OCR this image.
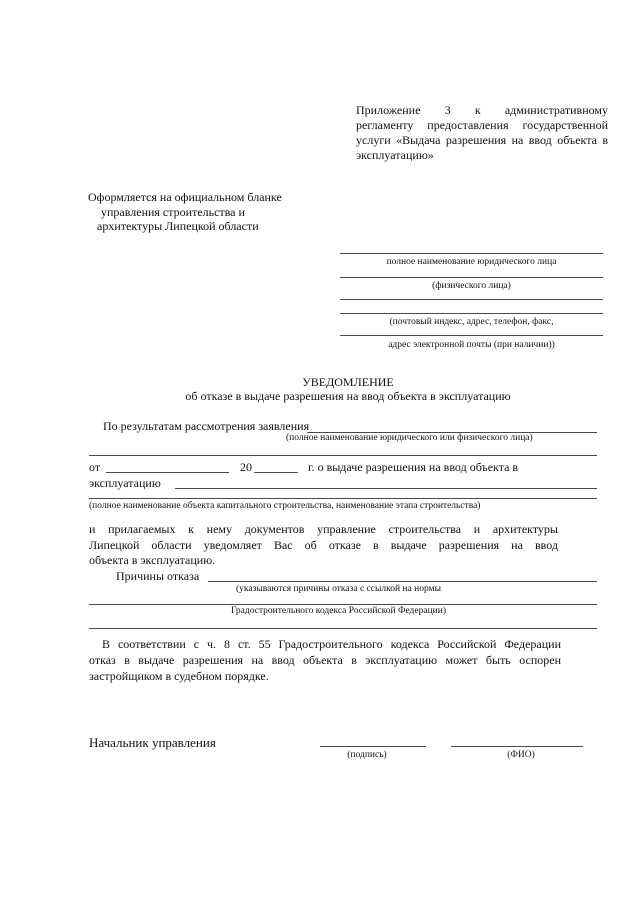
Приложение 3 к административному
регламенту предоставления государственной
услуги «Выдача разрешения на ввод объекта в
эксплуатацию»
Оформляется на официальном бланке
управления строительства и
архитектуры Липецкой области
полное наименование юридического лица
(физического лица)
(почтовый индекс, адрес, телефон, факс,
адрес электронной почты (при наличии))
УВЕДОМЛЕНИЕ
об отказе в выдаче разрешения на ввод объекта в эксплуатацию
По результатам рассмотрения заявления
(полное наименование юридического или физического лица)
от	20	г. о выдаче разрешения на ввод объекта в
эксплуатацию
(полное наименование объекта капитального строительства, наименование этапа строительства)
и прилагаемых к нему документов управление строительства и архитектуры
Липецкой области уведомляет Вас об отказе в выдаче разрешения на ввод
объекта в эксплуатацию.
Причины отказа
(указываются причины отказа с ссылкой на нормы
Градостроительного кодекса Российской Федерации)
В соответствии с ч. 8 ст. 55 Градостроительного кодекса Российской Федерации
отказ в выдаче разрешения на ввод объекта в эксплуатацию может быть оспорен
застройщиком в судебном порядке.
Начальник управления
(подпись)	(ФИО)
